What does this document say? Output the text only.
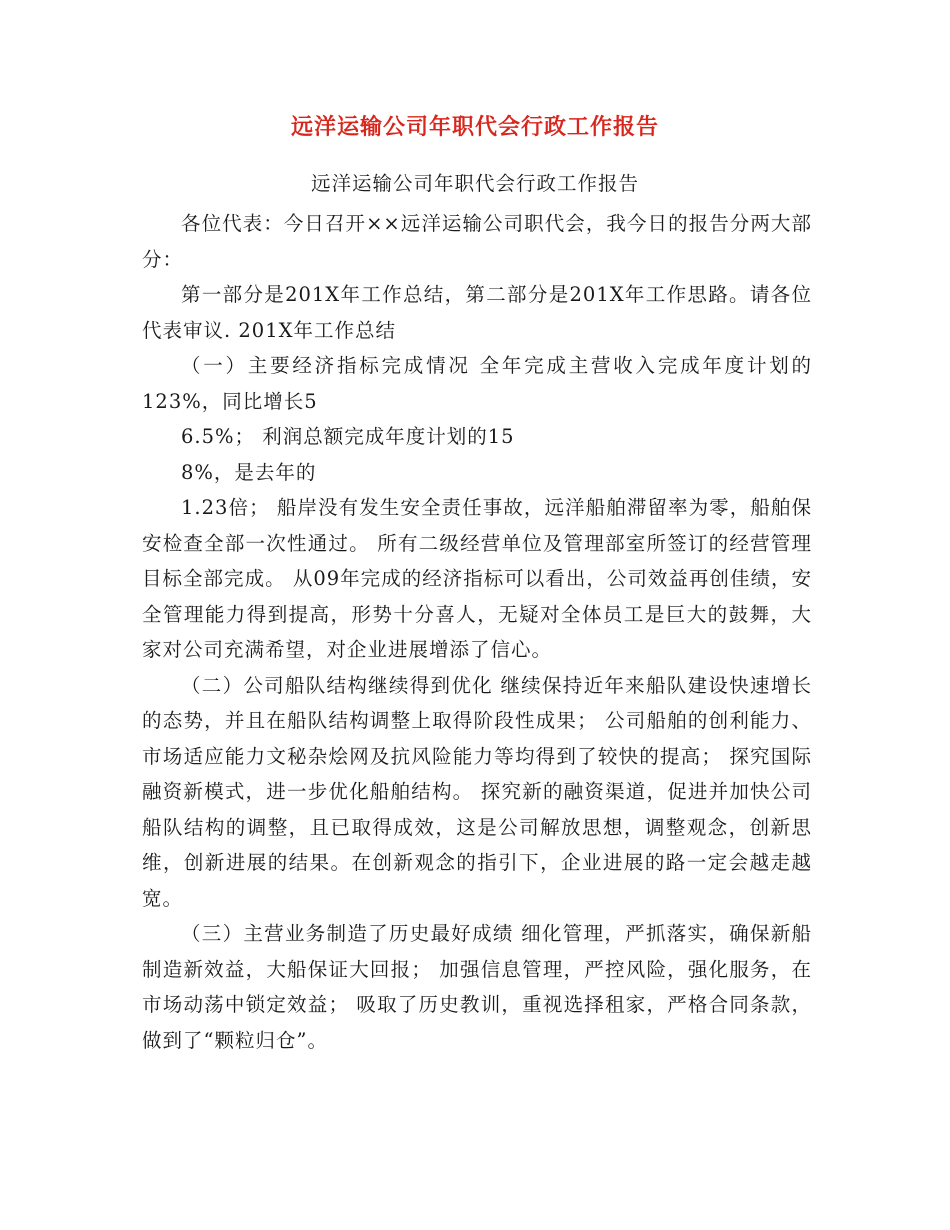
远洋运输公司年职代会行政工作报告
远洋运输公司年职代会行政工作报告

各位代表：今日召开××远洋运输公司职代会，我今日的报告分两大部分：

第一部分是201X年工作总结，第二部分是201X年工作思路。请各位代表审议. 201X年工作总结

（一）主要经济指标完成情况 全年完成主营收入完成年度计划的123%，同比增长5

6.5%； 利润总额完成年度计划的15

8%，是去年的

1.23倍； 船岸没有发生安全责任事故，远洋船舶滞留率为零，船舶保安检查全部一次性通过。 所有二级经营单位及管理部室所签订的经营管理目标全部完成。 从09年完成的经济指标可以看出，公司效益再创佳绩，安全管理能力得到提高，形势十分喜人，无疑对全体员工是巨大的鼓舞，大家对公司充满希望，对企业进展增添了信心。

（二）公司船队结构继续得到优化 继续保持近年来船队建设快速增长的态势，并且在船队结构调整上取得阶段性成果； 公司船舶的创利能力、市场适应能力文秘杂烩网及抗风险能力等均得到了较快的提高； 探究国际融资新模式，进一步优化船舶结构。 探究新的融资渠道，促进并加快公司船队结构的调整，且已取得成效，这是公司解放思想，调整观念，创新思维，创新进展的结果。在创新观念的指引下，企业进展的路一定会越走越宽。

（三）主营业务制造了历史最好成绩 细化管理，严抓落实，确保新船制造新效益，大船保证大回报； 加强信息管理，严控风险，强化服务，在市场动荡中锁定效益； 吸取了历史教训，重视选择租家，严格合同条款，做到了“颗粒归仓”。
